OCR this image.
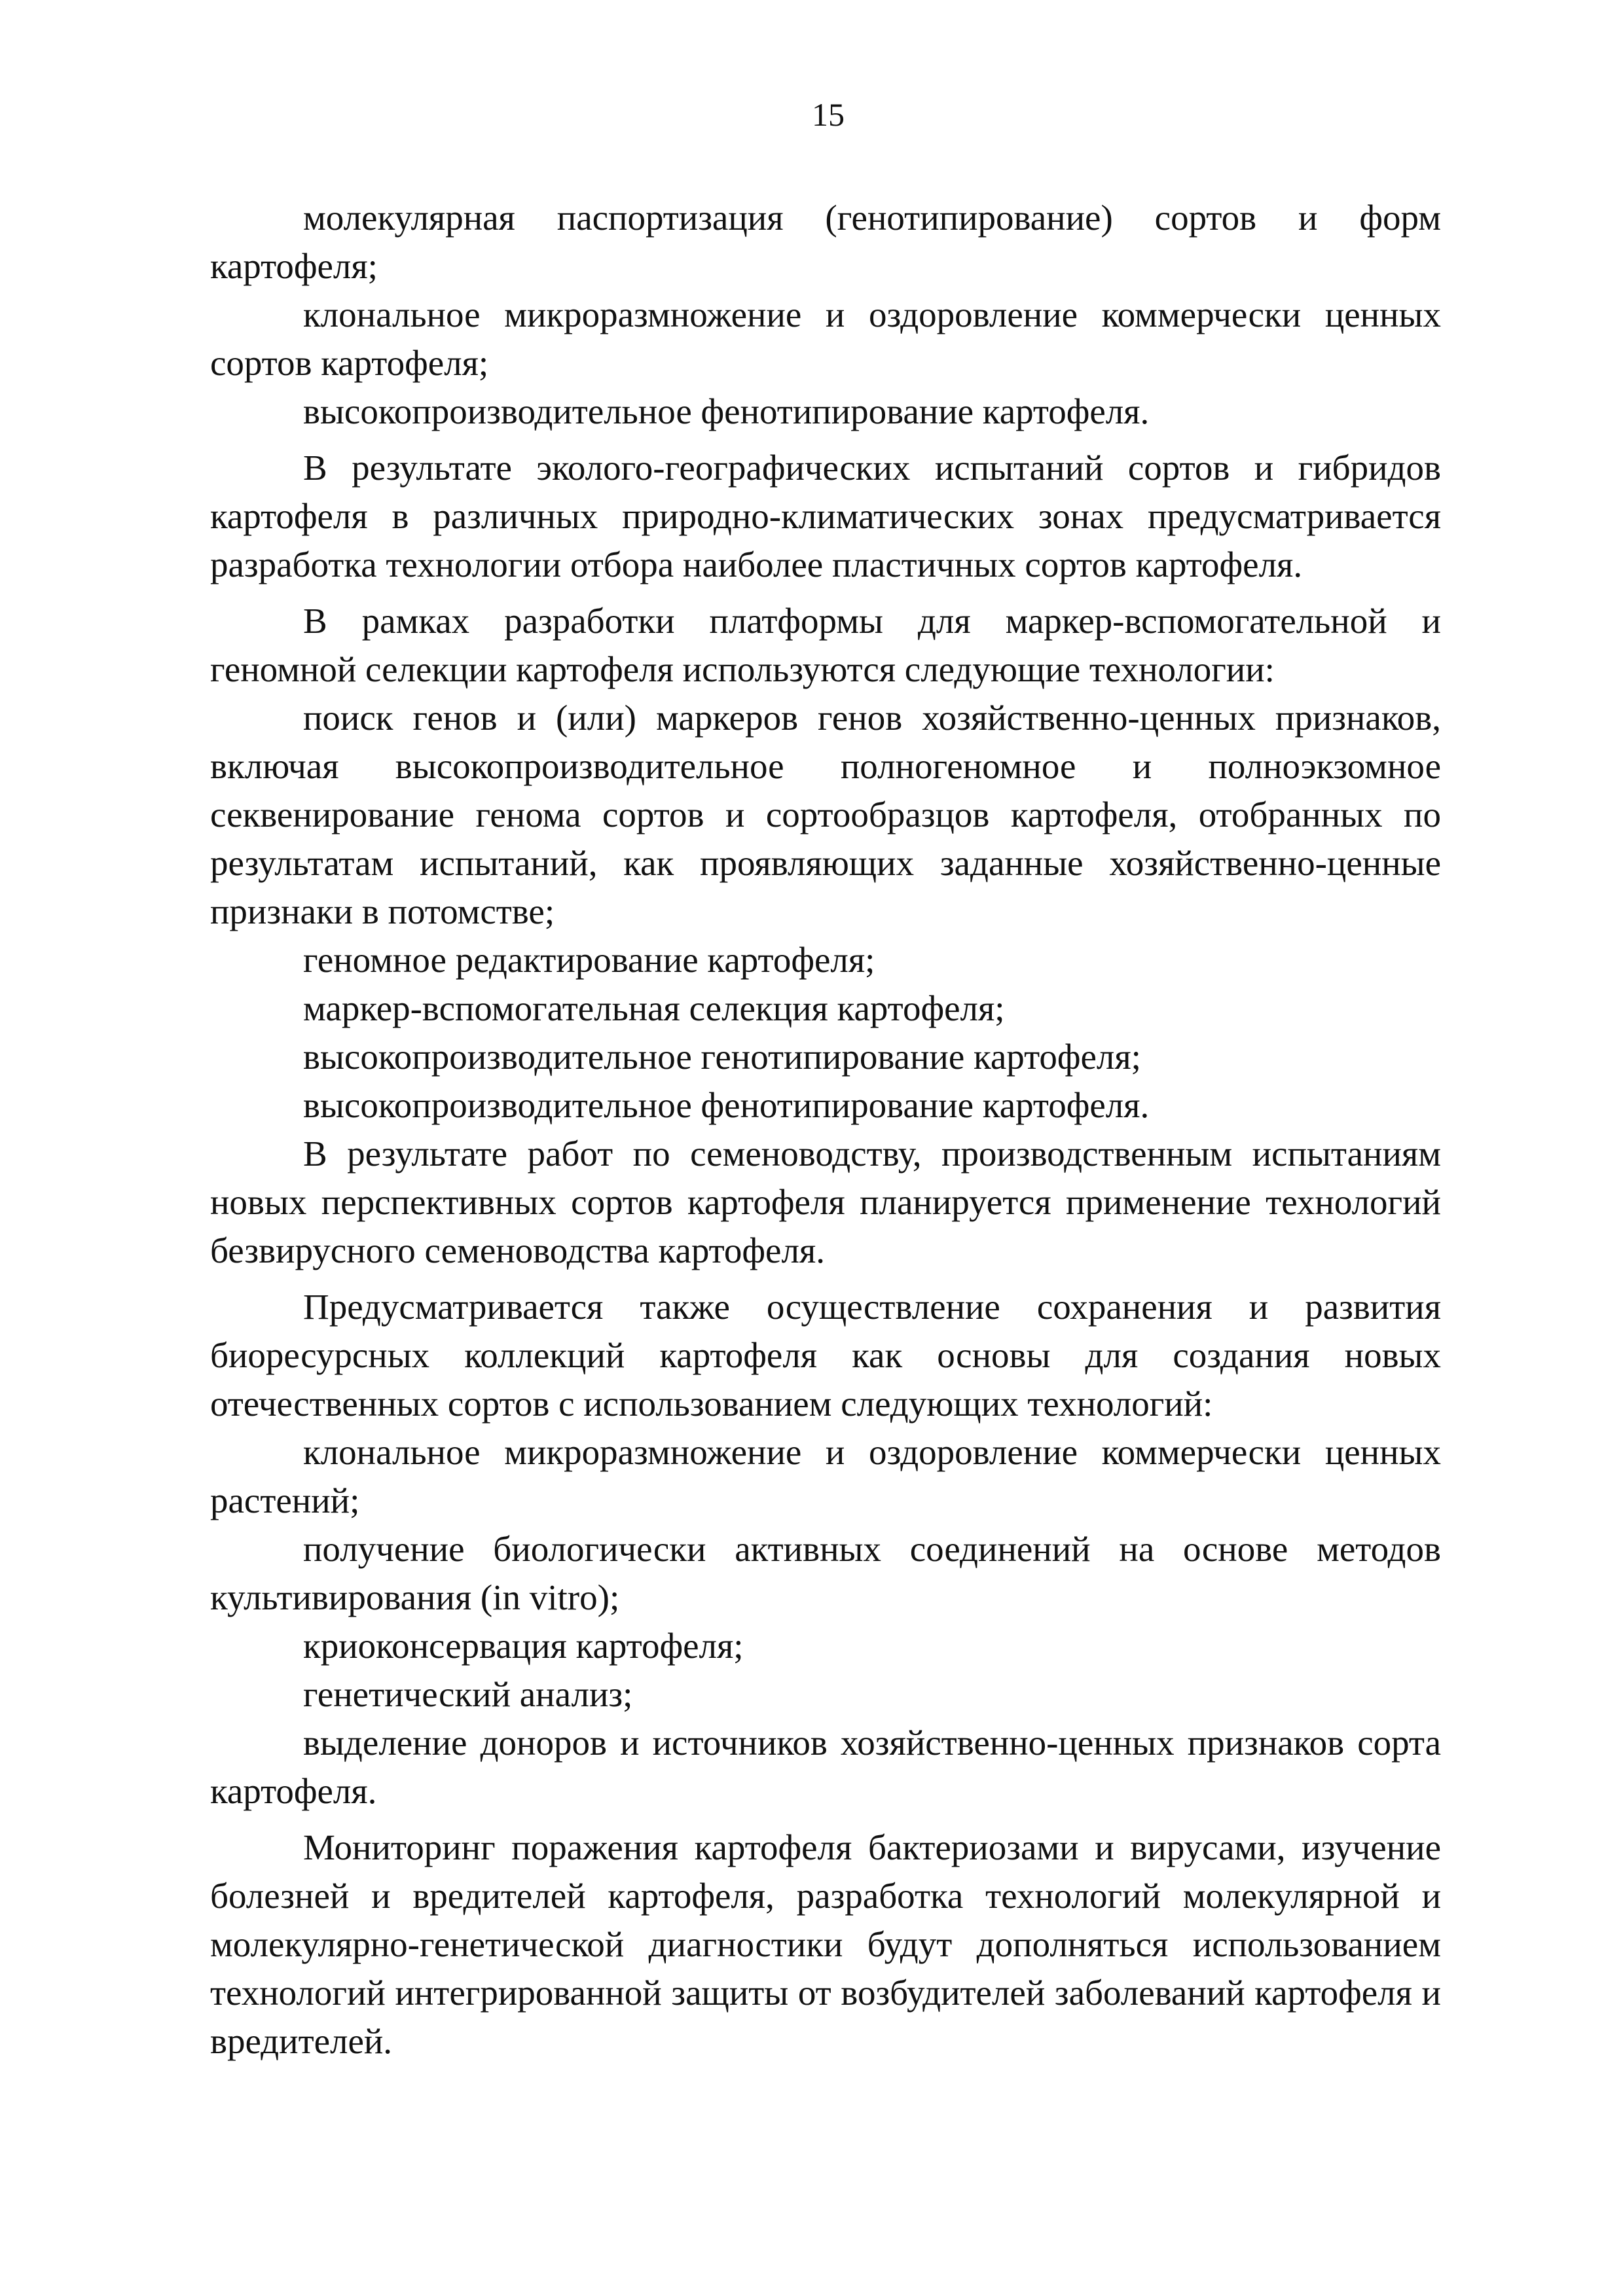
15

молекулярная паспортизация (генотипирование) сортов и форм картофеля;

клональное микроразмножение и оздоровление коммерчески ценных сортов картофеля;

высокопроизводительное фенотипирование картофеля.

В результате эколого-географических испытаний сортов и гибридов картофеля в различных природно-климатических зонах предусматривается разработка технологии отбора наиболее пластичных сортов картофеля.

В рамках разработки платформы для маркер-вспомогательной и геномной селекции картофеля используются следующие технологии:

поиск генов и (или) маркеров генов хозяйственно-ценных признаков, включая высокопроизводительное полногеномное и полноэкзомное секвенирование генома сортов и сортообразцов картофеля, отобранных по результатам испытаний, как проявляющих заданные хозяйственно-ценные признаки в потомстве;

геномное редактирование картофеля;

маркер-вспомогательная селекция картофеля;

высокопроизводительное генотипирование картофеля;

высокопроизводительное фенотипирование картофеля.

В результате работ по семеноводству, производственным испытаниям новых перспективных сортов картофеля планируется применение технологий безвирусного семеноводства картофеля.

Предусматривается также осуществление сохранения и развития биоресурсных коллекций картофеля как основы для создания новых отечественных сортов с использованием следующих технологий:

клональное микроразмножение и оздоровление коммерчески ценных растений;

получение биологически активных соединений на основе методов культивирования (in vitro);

криоконсервация картофеля;

генетический анализ;

выделение доноров и источников хозяйственно-ценных признаков сорта картофеля.

Мониторинг поражения картофеля бактериозами и вирусами, изучение болезней и вредителей картофеля, разработка технологий молекулярной и молекулярно-генетической диагностики будут дополняться использованием технологий интегрированной защиты от возбудителей заболеваний картофеля и вредителей.
